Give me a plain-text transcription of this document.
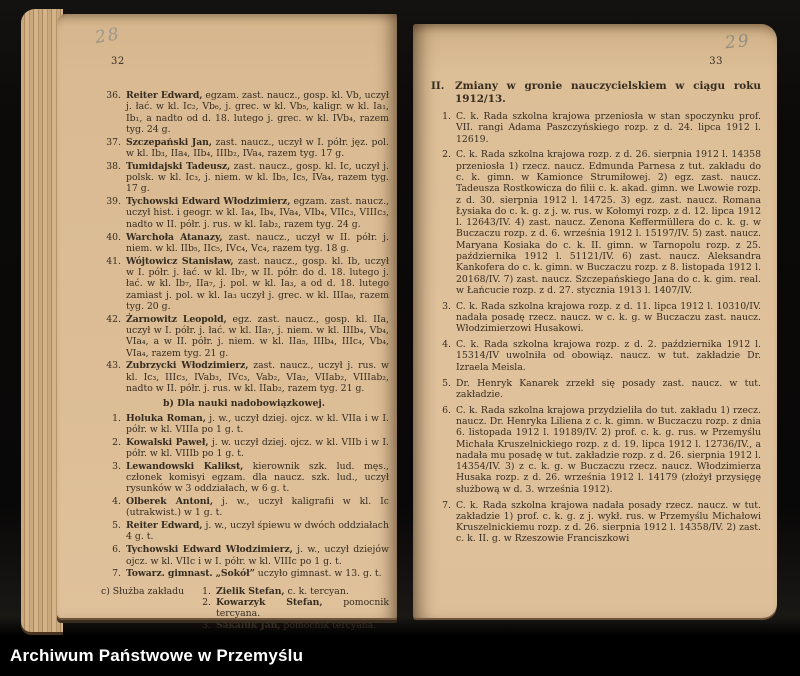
28
32
36. Reiter Edward, egzam. zast. naucz., gosp. kl. Vb, uczył j. łać. w kl. Ic₂, Vb₆, j. grec. w kl. Vb₅, kaligr. w kl. Ia₁, Ib₁, a nadto od d. 18. lutego j. grec. w kl. IVb₄, razem tyg. 24 g.
37. Szczepański Jan, zast. naucz., uczył w I. półr. jęz. pol. w kl. Ib₃, IIa₄, IIb₄, IIIb₂, IVa₄, razem tyg. 17 g.
38. Tumidajski Tadeusz, zast. naucz., gosp. kl. Ic, uczył j. polsk. w kl. Ic₃, j. niem. w kl. Ib₅, Ic₅, IVa₄, razem tyg. 17 g.
39. Tychowski Edward Włodzimierz, egzam. zast. naucz., uczył hist. i geogr. w kl. Ia₄, Ib₄, IVa₄, VIb₄, VIIc₃, VIIIc₃, nadto w II. półr. j. rus. w kl. Iab₂, razem tyg. 24 g.
40. Warchoła Atanazy, zast. naucz., uczył w II. półr. j. niem. w kl. IIb₅, IIc₅, IVc₄, Vc₄, razem tyg. 18 g.
41. Wójtowicz Stanisław, zast. naucz., gosp. kl. Ib, uczył w I. półr. j. łać. w kl. Ib₇, w II. półr. do d. 18. lutego j. łać. w kl. Ib₇, IIa₇, j. pol. w kl. Ia₃, a od d. 18. lutego zamiast j. pol. w kl. Ia₃ uczył j. grec. w kl. IIIa₆, razem tyg. 20 g.
42. Żarnowitz Leopold, egz. zast. naucz., gosp. kl. IIa, uczył w I. półr. j. łać. w kl. IIa₇, j. niem. w kl. IIIb₄, Vb₄, VIa₄, a w II. półr. j. niem. w kl. IIa₅, IIIb₄, IIIc₄, Vb₄, VIa₄, razem tyg. 21 g.
43. Zubrzycki Włodzimierz, zast. naucz., uczył j. rus. w kl. Ic₃, IIIc₃, IVab₃, IVc₃, Vab₂, VIa₂, VIIab₂, VIIIab₂, nadto w II. półr. j. rus. w kl. IIab₂, razem tyg. 21 g.
b) Dla nauki nadobowiązkowej.
1. Holuka Roman, j. w., uczył dziej. ojcz. w kl. VIIa i w I. półr. w kl. VIIIa po 1 g. t.
2. Kowalski Paweł, j. w. uczył dziej. ojcz. w kl. VIIb i w I. półr. w kl. VIIIb po 1 g. t.
3. Lewandowski Kalikst, kierownik szk. lud. męs., członek komisyi egzam. dla naucz. szk. lud., uczył rysunków w 3 oddziałach, w 6 g. t.
4. Olberek Antoni, j. w., uczył kaligrafii w kl. Ic (utrakwist.) w 1 g. t.
5. Reiter Edward, j. w., uczył śpiewu w dwóch oddziałach 4 g. t.
6. Tychowski Edward Włodzimierz, j. w., uczył dziejów ojcz. w kl. VIIc i w I. półr. w kl. VIIIc po 1 g. t.
7. Towarz. gimnast. „Sokół” uczyło gimnast. w 13. g. t.
c) Służba zakładu	1. Zielik Stefan, c. k. tercyan.
2. Kowarzyk Stefan, pomocnik tercyana.
3. Sakaluk Jan, pomocnik tercyana.
29
33
II.	Zmiany w gronie nauczycielskiem w ciągu roku 1912/13.
1. C. k. Rada szkolna krajowa przeniosła w stan spoczynku prof. VII. rangi Adama Paszczyńskiego rozp. z d. 24. lipca 1912 l. 12619.
2. C. k. Rada szkolna krajowa rozp. z d. 26. sierpnia 1912 l. 14358 przeniosła 1) rzecz. naucz. Edmunda Parnesa z tut. zakładu do c. k. gimn. w Kamionce Strumiłowej. 2) egz. zast. naucz. Tadeusza Rostkowicza do filii c. k. akad. gimn. we Lwowie rozp. z d. 30. sierpnia 1912 l. 14725. 3) egz. zast. naucz. Romana Łysiaka do c. k. g. z j. w. rus. w Kołomyi rozp. z d. 12. lipca 1912 l. 12643/IV. 4) zast. naucz. Zenona Keffermüllera do c. k. g. w Buczaczu rozp. z d. 6. września 1912 l. 15197/IV. 5) zast. naucz. Maryana Kosiaka do c. k. II. gimn. w Tarnopolu rozp. z 25. października 1912 l. 51121/IV. 6) zast. naucz. Aleksandra Kankofera do c. k. gimn. w Buczaczu rozp. z 8. listopada 1912 l. 20168/IV. 7) zast. naucz. Szczepańskiego Jana do c. k. gim. real. w Łańcucie rozp. z d. 27. stycznia 1913 l. 1407/IV.
3. C. k. Rada szkolna krajowa rozp. z d. 11. lipca 1912 l. 10310/IV. nadała posadę rzecz. naucz. w c. k. g. w Buczaczu zast. naucz. Włodzimierzowi Husakowi.
4. C. k. Rada szkolna krajowa rozp. z d. 2. października 1912 l. 15314/IV uwolniła od obowiąz. naucz. w tut. zakładzie Dr. Izraela Meisla.
5. Dr. Henryk Kanarek zrzekł się posady zast. naucz. w tut. zakładzie.
6. C. k. Rada szkolna krajowa przydzieliła do tut. zakładu 1) rzecz. naucz. Dr. Henryka Liliena z c. k. gimn. w Buczaczu rozp. z dnia 6. listopada 1912 l. 19189/IV. 2) prof. c. k. g. rus. w Przemyślu Michała Kruszelnickiego rozp. z d. 19. lipca 1912 l. 12736/IV., a nadała mu posadę w tut. zakładzie rozp. z d. 26. sierpnia 1912 l. 14354/IV. 3) z c. k. g. w Buczaczu rzecz. naucz. Włodzimierza Husaka rozp. z d. 26. września 1912 l. 14179 (złożył przysięgę służbową w d. 3. września 1912).
7. C. k. Rada szkolna krajowa nadała posady rzecz. naucz. w tut. zakładzie 1) prof. c. k. g. z j. wykł. rus. w Przemyślu Michałowi Kruszelnickiemu rozp. z d. 26. sierpnia 1912 l. 14358/IV. 2) zast. c. k. II. g. w Rzeszowie Franciszkowi
Archiwum Państwowe w Przemyślu
